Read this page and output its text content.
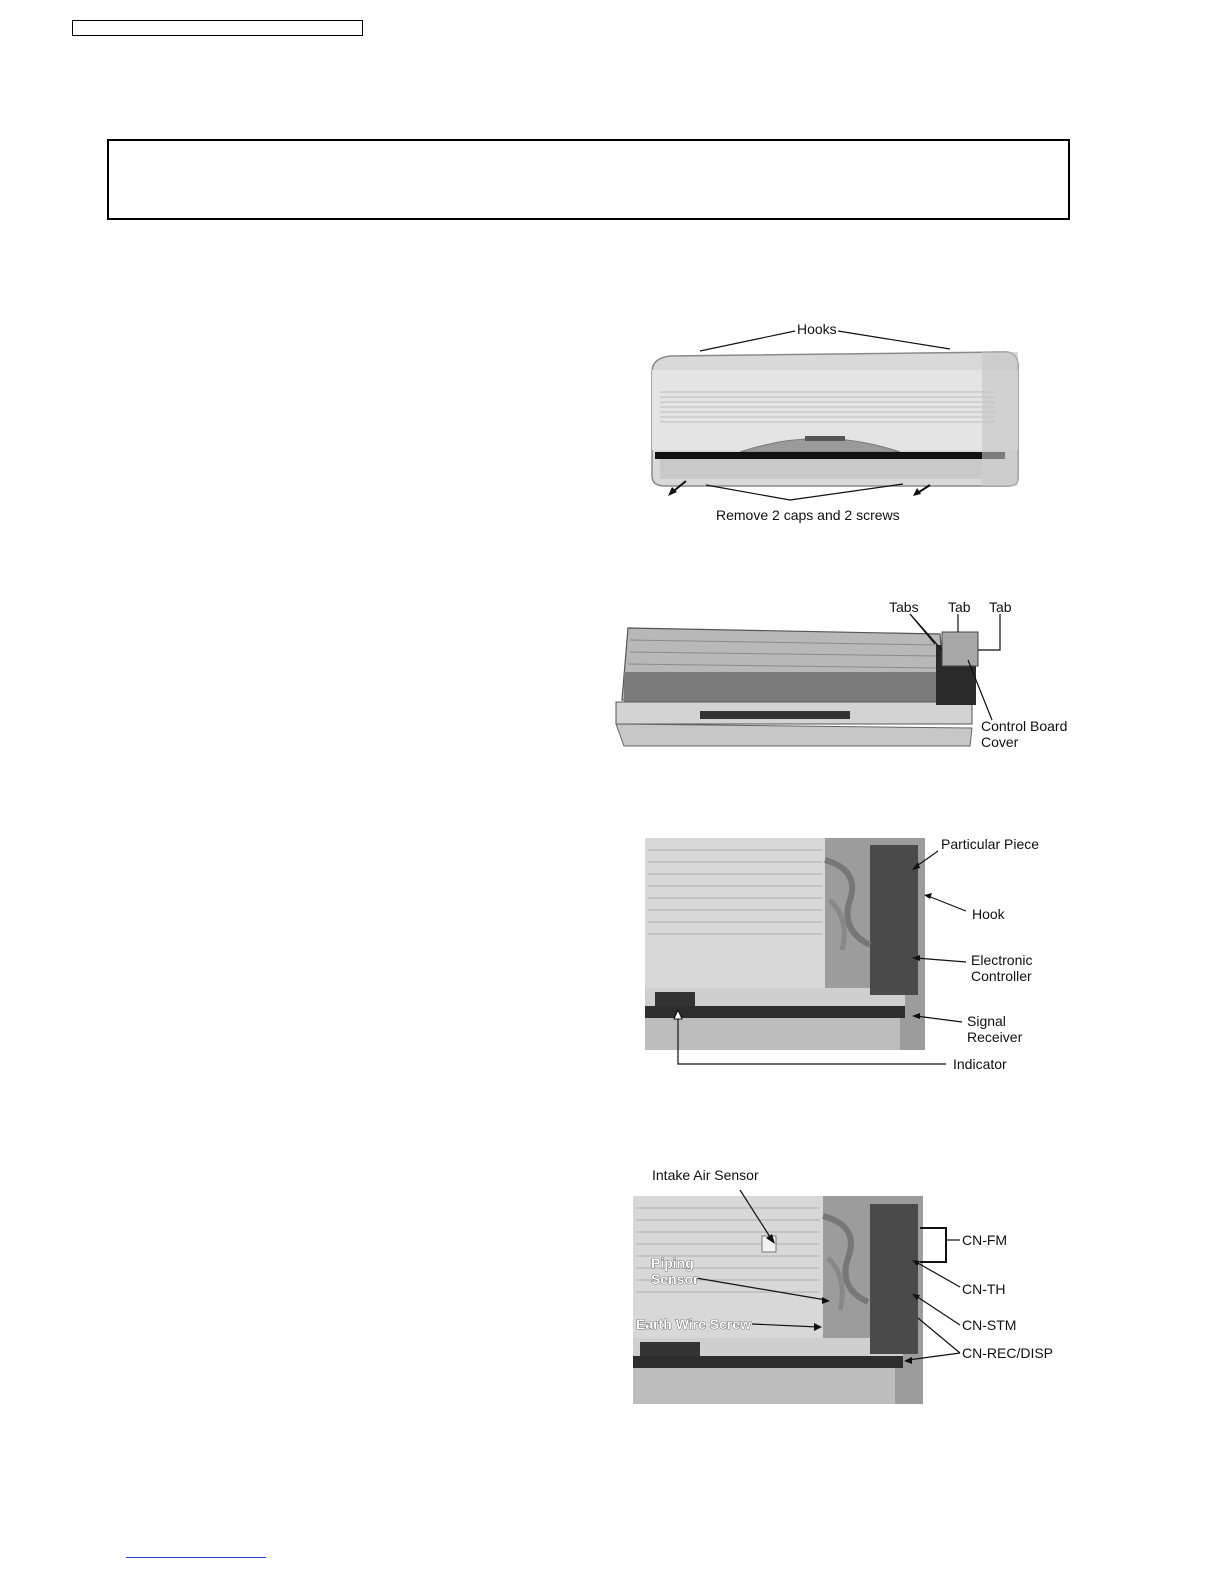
Hooks
Remove 2 caps and 2 screws
Tabs Tab Tab
Control Board
Cover
Particular Piece
Hook
Electronic
Controller
Signal
Receiver
Indicator
Intake Air Sensor
Piping
Sensor
Earth Wire Screw
CN-FM
CN-TH
CN-STM
CN-REC/DISP
